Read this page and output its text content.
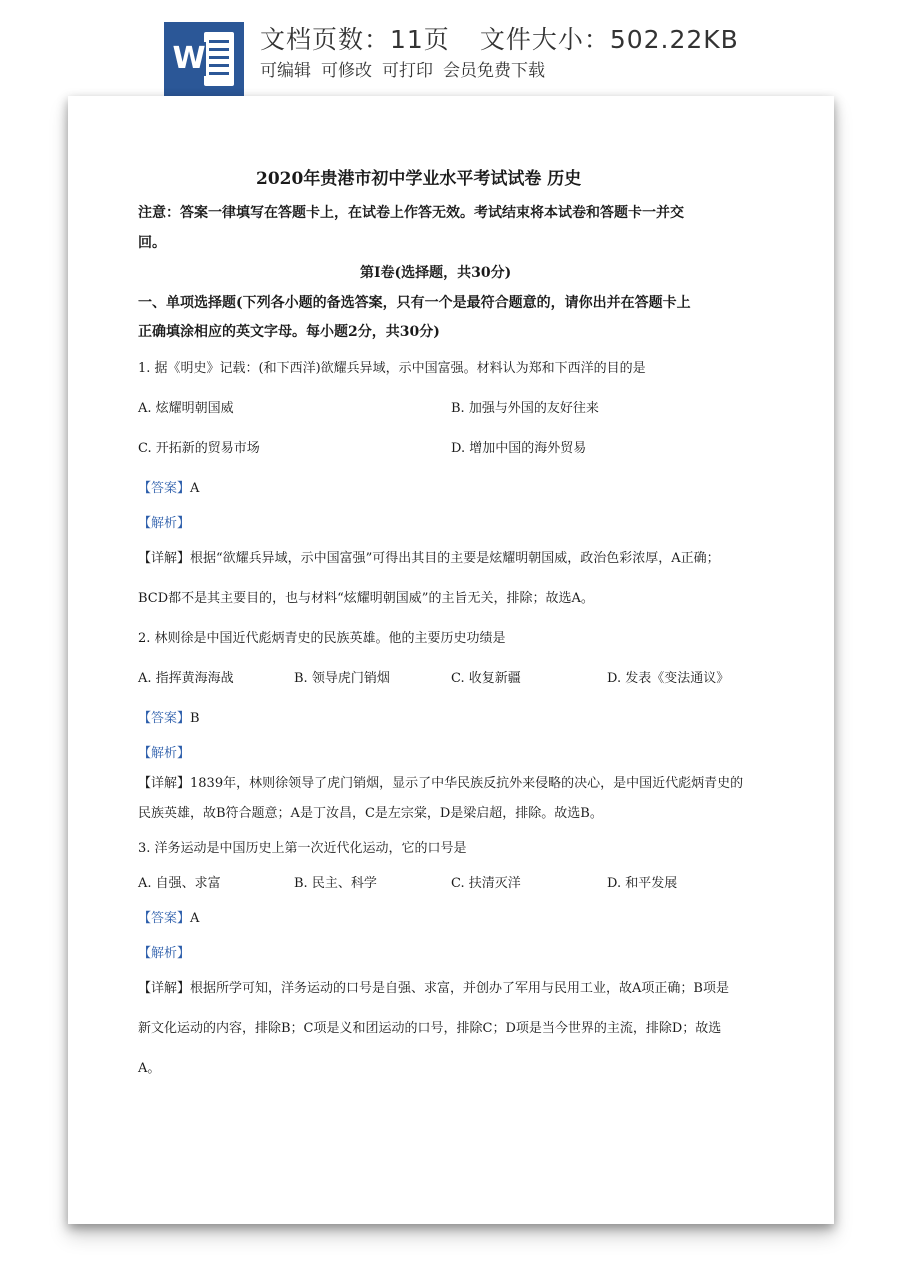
W
文档页数：11页 文件大小：502.22KB
可编辑 可修改 可打印 会员免费下载
2020年贵港市初中学业水平考试试卷 历史
注意：答案一律填写在答题卡上，在试卷上作答无效。考试结束将本试卷和答题卡一并交
回。
第Ⅰ卷(选择题，共30分)
一、单项选择题(下列各小题的备选答案，只有一个是最符合题意的，请你出并在答题卡上
正确填涂相应的英文字母。每小题2分，共30分)
1. 据《明史》记载：(和下西洋)欲耀兵异域，示中国富强。材料认为郑和下西洋的目的是
A. 炫耀明朝国威	B. 加强与外国的友好往来
C. 开拓新的贸易市场	D. 增加中国的海外贸易
【答案】A
【解析】
【详解】根据“欲耀兵异域，示中国富强”可得出其目的主要是炫耀明朝国威，政治色彩浓厚，A正确；
BCD都不是其主要目的，也与材料“炫耀明朝国威”的主旨无关，排除；故选A。
2. 林则徐是中国近代彪炳青史的民族英雄。他的主要历史功绩是
A. 指挥黄海海战	B. 领导虎门销烟	C. 收复新疆	D. 发表《变法通议》
【答案】B
【解析】
【详解】1839年，林则徐领导了虎门销烟，显示了中华民族反抗外来侵略的决心，是中国近代彪炳青史的
民族英雄，故B符合题意；A是丁汝昌，C是左宗棠，D是梁启超，排除。故选B。
3. 洋务运动是中国历史上第一次近代化运动，它的口号是
A. 自强、求富	B. 民主、科学	C. 扶清灭洋	D. 和平发展
【答案】A
【解析】
【详解】根据所学可知，洋务运动的口号是自强、求富，并创办了军用与民用工业，故A项正确；B项是
新文化运动的内容，排除B；C项是义和团运动的口号，排除C；D项是当今世界的主流，排除D；故选
A。
